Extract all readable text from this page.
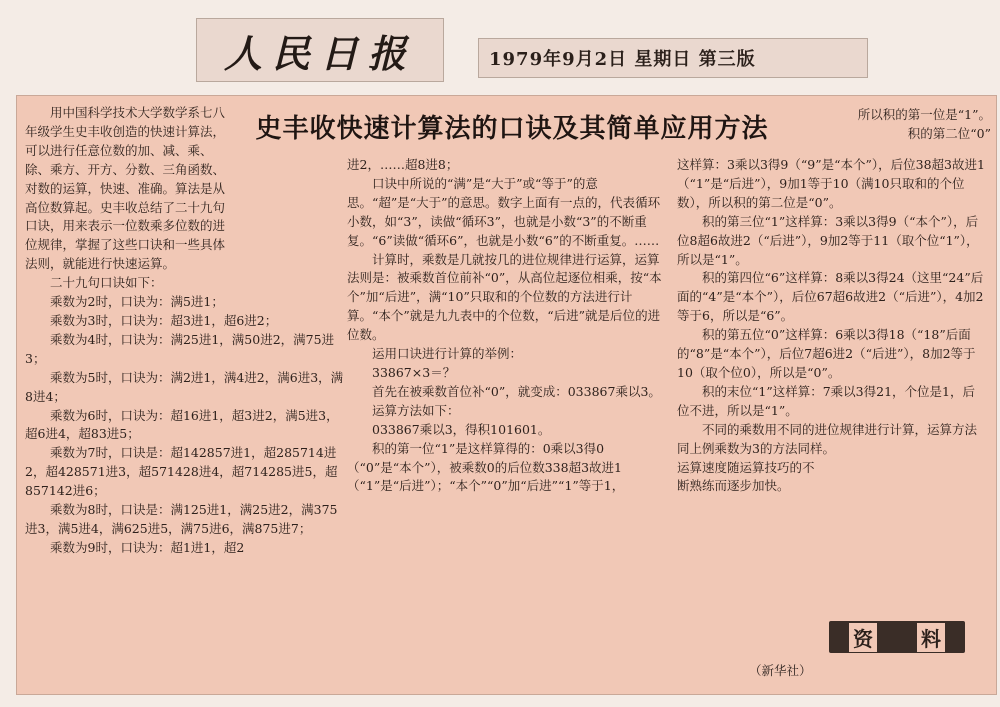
人民日报	1979年9月2日 星期日 第三版
史丰收快速计算法的口诀及其简单应用方法

用中国科学技术大学数学系七八年级学生史丰收创造的快速计算法，可以进行任意位数的加、减、乘、除、乘方、开方、分数、三角函数、对数的运算，快速、准确。算法是从高位数算起。史丰收总结了二十九句口诀，用来表示一位数乘多位数的进位规律，掌握了这些口诀和一些具体法则，就能进行快速运算。

二十九句口诀如下：

乘数为2时，口诀为：满5进1；

乘数为3时，口诀为：超3进1，超6进2；

乘数为4时，口诀为：满25进1，满50进2，满75进3；

乘数为5时，口诀为：满2进1，满4进2，满6进3，满8进4；

乘数为6时，口诀为：超16进1，超3进2，满5进3，超6进4，超83进5；

乘数为7时，口诀是：超142857进1，超285714进2，超428571进3，超571428进4，超714285进5，超857142进6；

乘数为8时，口诀是：满125进1，满25进2，满375进3，满5进4，满625进5，满75进6，满875进7；

乘数为9时，口诀为：超1进1，超2

进2，……超8进8；

口诀中所说的“满”是“大于”或“等于”的意思。“超”是“大于”的意思。数字上面有一点的，代表循环小数，如“3”，读做“循环3”，也就是小数“3”的不断重复。“6”读做“循环6”，也就是小数“6”的不断重复。……

计算时，乘数是几就按几的进位规律进行运算，运算法则是：被乘数首位前补“0”，从高位起逐位相乘，按“本个”加“后进”，满“10”只取和的个位数的方法进行计算。“本个”就是九九表中的个位数，“后进”就是后位的进位数。

运用口诀进行计算的举例：

33867×3＝？

首先在被乘数首位补“0”，就变成：033867乘以3。

运算方法如下：

033867乘以3，得积101601。

积的第一位“1”是这样算得的：0乘以3得0（“0”是“本个”），被乘数0的后位数338超3故进1（“1”是“后进”）；“本个”“0”加“后进”“1”等于1，

所以积的第一位是“1”。

积的第二位“0”

这样算：3乘以3得9（“9”是“本个”），后位38超3故进1（“1”是“后进”），9加1等于10（满10只取和的个位数），所以积的第二位是“0”。

积的第三位“1”这样算：3乘以3得9（“本个”），后位8超6故进2（“后进”），9加2等于11（取个位“1”），所以是“1”。

积的第四位“6”这样算：8乘以3得24（这里“24”后面的“4”是“本个”），后位67超6故进2（“后进”），4加2等于6，所以是“6”。

积的第五位“0”这样算：6乘以3得18（“18”后面的“8”是“本个”），后位7超6进2（“后进”），8加2等于10（取个位0），所以是“0”。

积的末位“1”这样算：7乘以3得21，个位是1，后位不进，所以是“1”。

不同的乘数用不同的进位规律进行计算，运算方法同上例乘数为3的方法同样。

运算速度随运算技巧的不断熟练而逐步加快。

资 料
（新华社）
